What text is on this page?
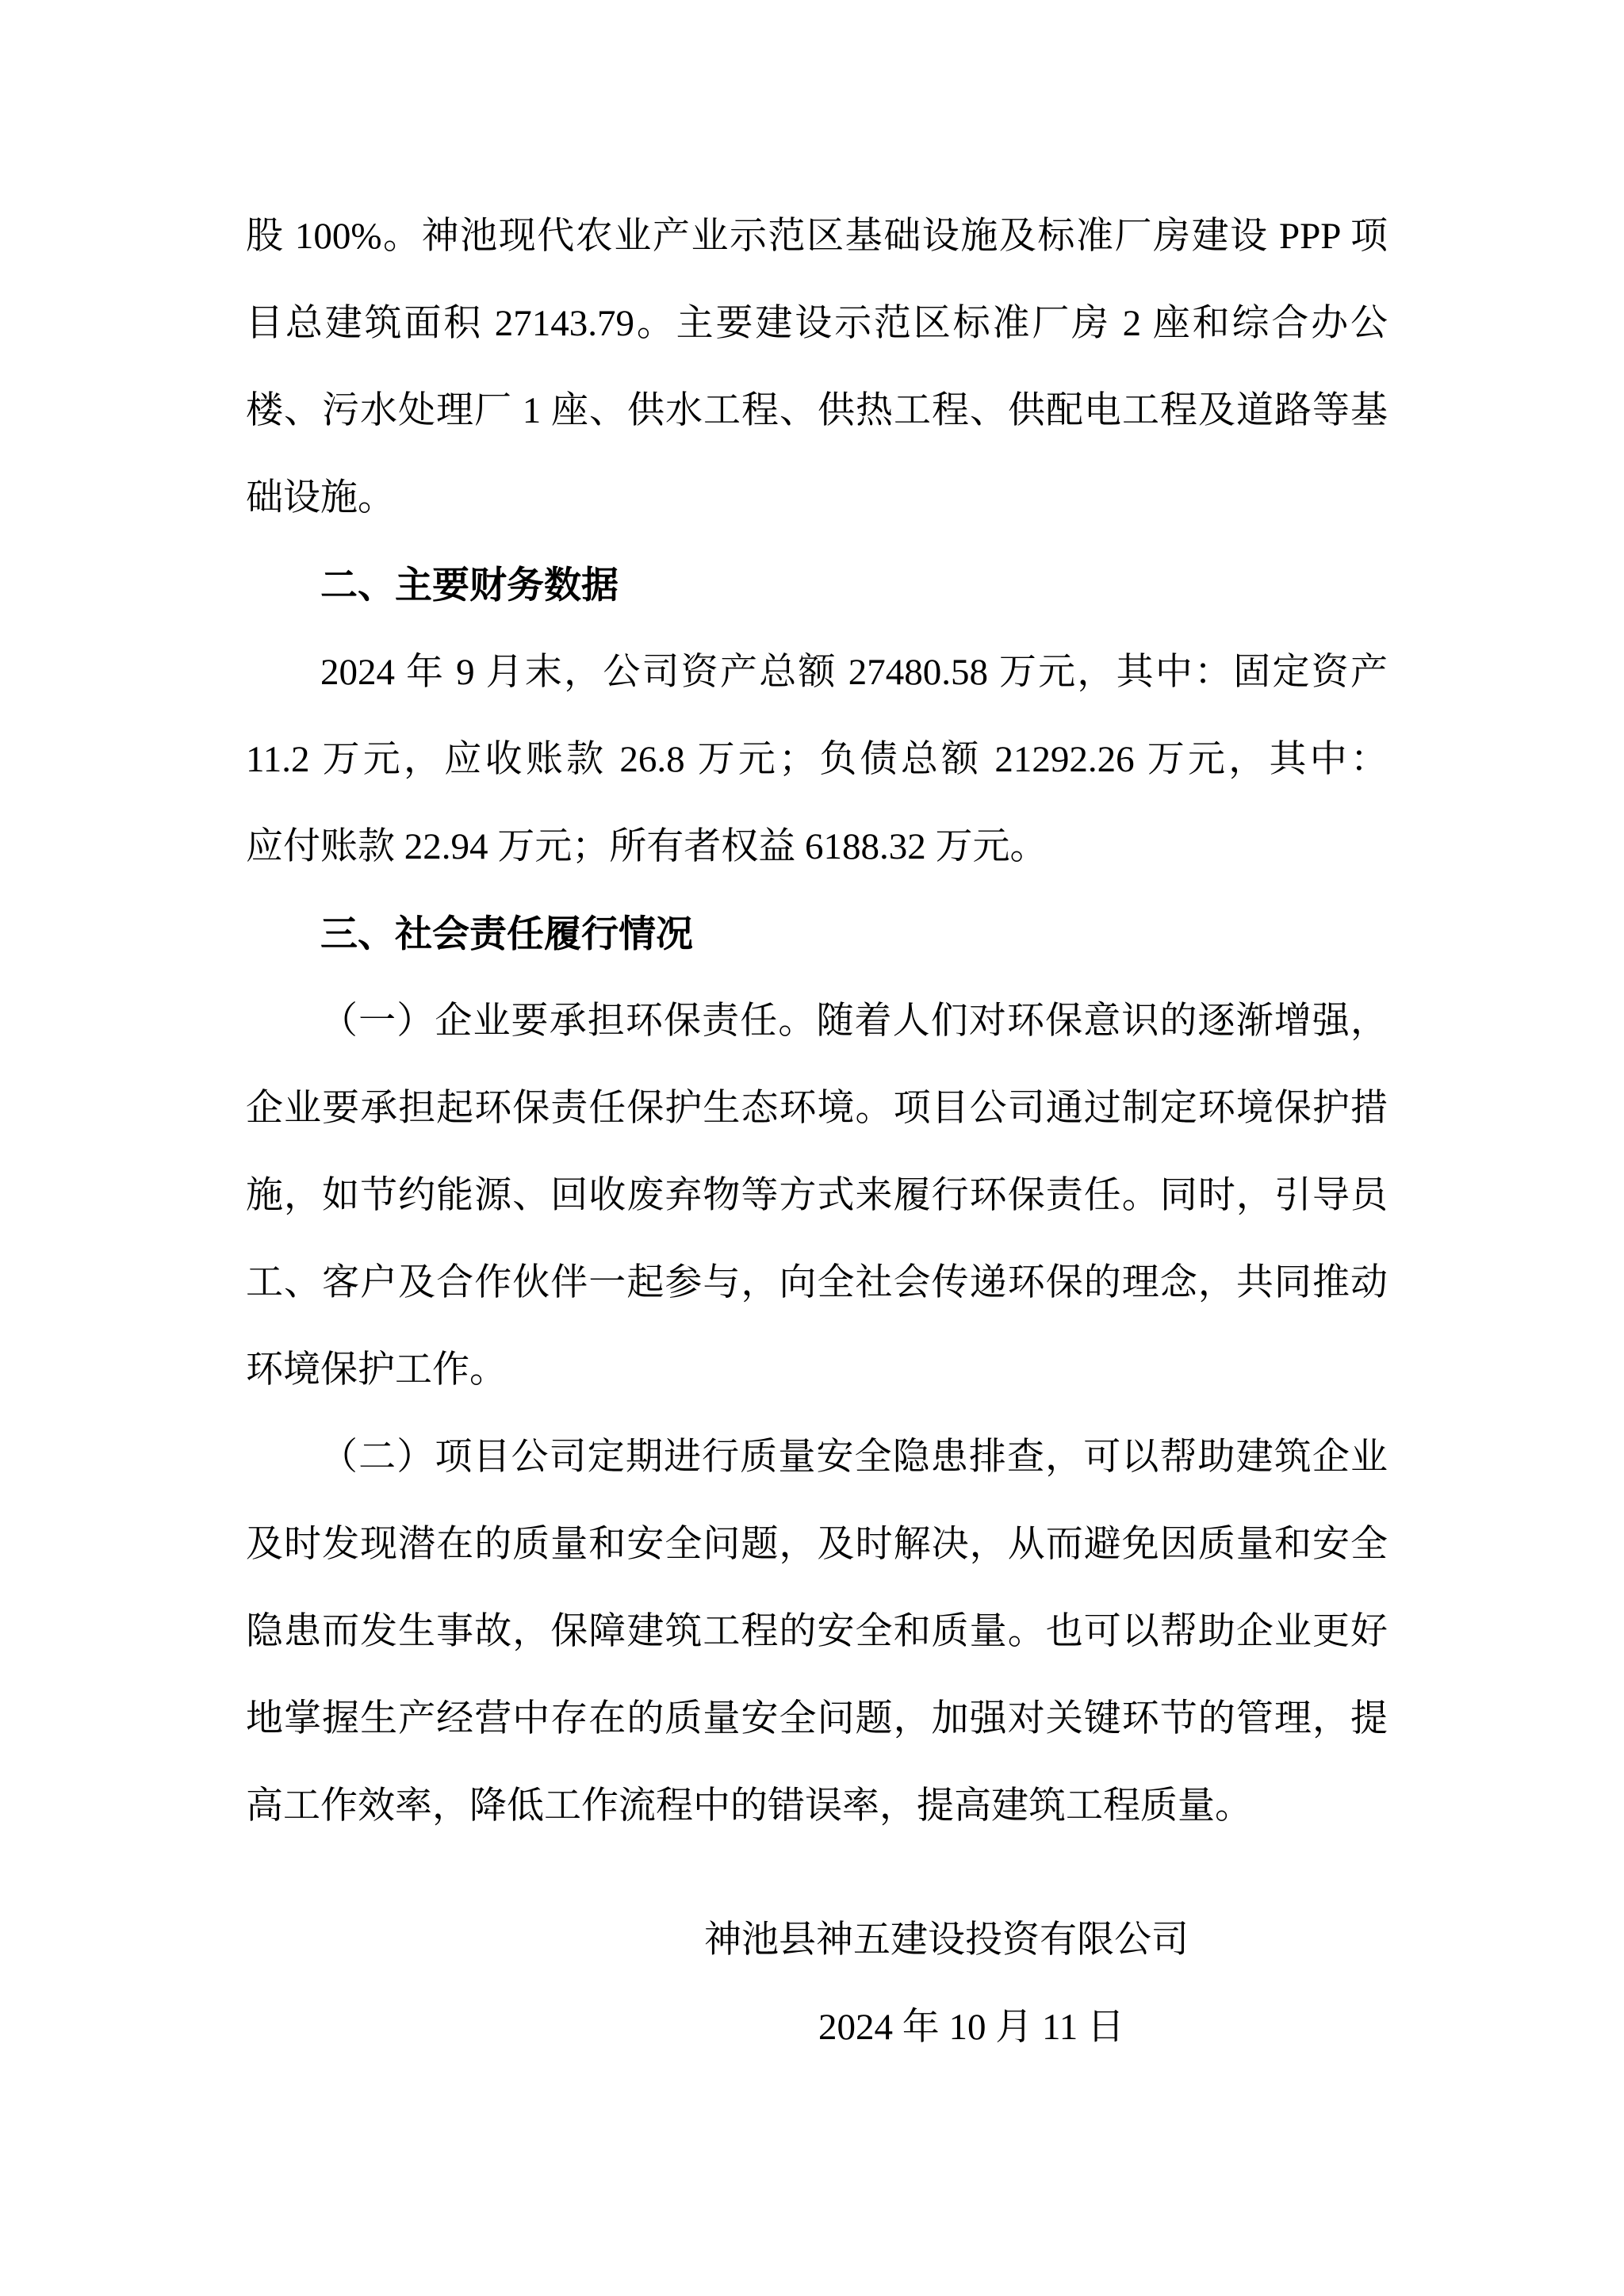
股 100%。神池现代农业产业示范区基础设施及标准厂房建设 PPP 项
目总建筑面积 27143.79。主要建设示范区标准厂房 2 座和综合办公
楼、污水处理厂 1 座、供水工程、供热工程、供配电工程及道路等基
础设施。
二、主要财务数据
2024 年 9 月末，公司资产总额 27480.58 万元，其中：固定资产
11.2 万元，应收账款 26.8 万元；负债总额 21292.26 万元，其中：
应付账款 22.94 万元；所有者权益 6188.32 万元。
三、社会责任履行情况
（一）企业要承担环保责任。随着人们对环保意识的逐渐增强，
企业要承担起环保责任保护生态环境。项目公司通过制定环境保护措
施，如节约能源、回收废弃物等方式来履行环保责任。同时，引导员
工、客户及合作伙伴一起参与，向全社会传递环保的理念，共同推动
环境保护工作。
（二）项目公司定期进行质量安全隐患排查，可以帮助建筑企业
及时发现潜在的质量和安全问题，及时解决，从而避免因质量和安全
隐患而发生事故，保障建筑工程的安全和质量。也可以帮助企业更好
地掌握生产经营中存在的质量安全问题，加强对关键环节的管理，提
高工作效率，降低工作流程中的错误率，提高建筑工程质量。
神池县神五建设投资有限公司
2024 年 10 月 11 日
